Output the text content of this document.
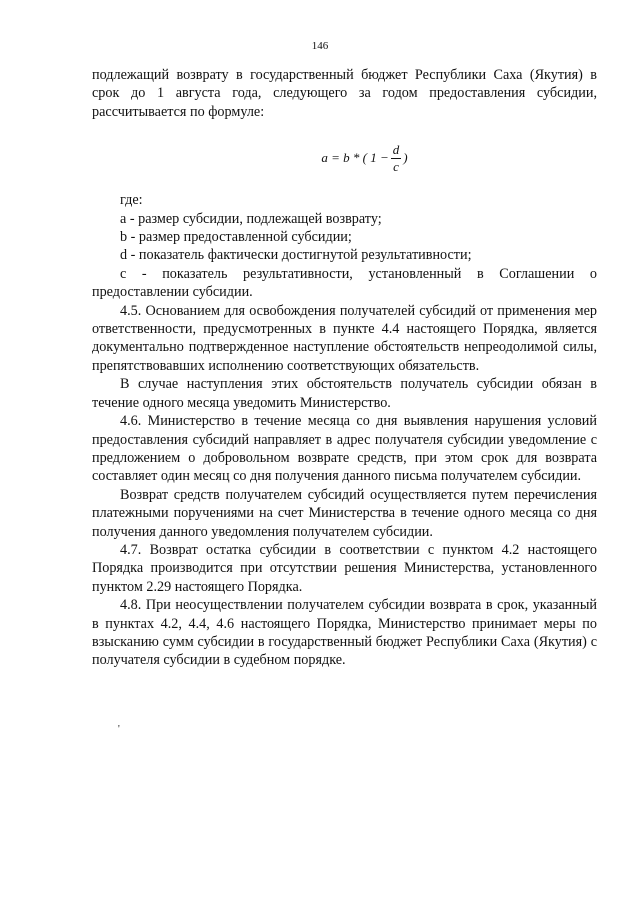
146

подлежащий возврату в государственный бюджет Республики Саха (Якутия) в срок до 1 августа года, следующего за годом предоставления субсидии, рассчитывается по формуле:

a = b * ( $1 - \frac{d}{c}$ )

где:

a - размер субсидии, подлежащей возврату;

b - размер предоставленной субсидии;

d - показатель фактически достигнутой результативности;

c - показатель результативности, установленный в Соглашении о предоставлении субсидии.

4.5. Основанием для освобождения получателей субсидий от применения мер ответственности, предусмотренных в пункте 4.4 настоящего Порядка, является документально подтвержденное наступление обстоятельств непреодолимой силы, препятствовавших исполнению соответствующих обязательств.

В случае наступления этих обстоятельств получатель субсидии обязан в течение одного месяца уведомить Министерство.

4.6. Министерство в течение месяца со дня выявления нарушения условий предоставления субсидий направляет в адрес получателя субсидии уведомление с предложением о добровольном возврате средств, при этом срок для возврата составляет один месяц со дня получения данного письма получателем субсидии.

Возврат средств получателем субсидий осуществляется путем перечисления платежными поручениями на счет Министерства в течение одного месяца со дня получения данного уведомления получателем субсидии.

4.7. Возврат остатка субсидии в соответствии с пунктом 4.2 настоящего Порядка производится при отсутствии решения Министерства, установленного пунктом 2.29 настоящего Порядка.

4.8. При неосуществлении получателем субсидии возврата в срок, указанный в пунктах 4.2, 4.4, 4.6 настоящего Порядка, Министерство принимает меры по взысканию сумм субсидии в государственный бюджет Республики Саха (Якутия) с получателя субсидии в судебном порядке.

'
